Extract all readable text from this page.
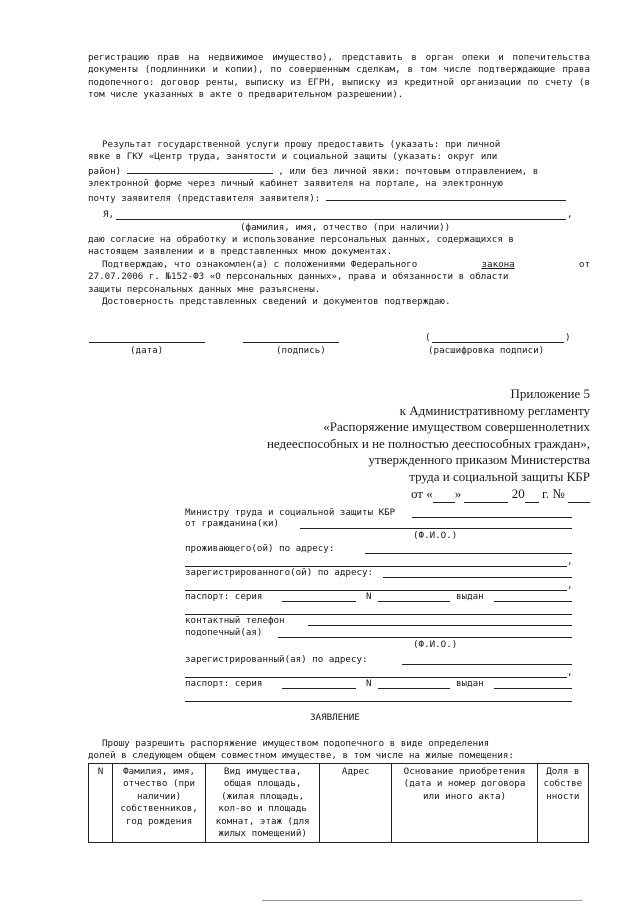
регистрацию прав на недвижимое имущество), представить в орган опеки и попечительства документы (подлинники и копии), по совершенным сделкам, в том числе подтверждающие права подопечного: договор ренты, выписку из ЕГРН, выписку из кредитной организации по счету (в том числе указанных в акте о предварительном разрешении).

Результат государственной услуги прошу предоставить (указать: при личной

явке в ГКУ «Центр труда, занятости и социальной защиты (указать: округ или

район)	, или без личной явки: почтовым отправлением, в

электронной форме через личный кабинет заявителя на портале, на электронную

почту заявителя (представителя заявителя):

Я,	,
(фамилия, имя, отчество (при наличии))

даю согласие на обработку и использование персональных данных, содержащихся в

настоящем заявлении и в представленных мною документах.

Подтверждаю, что ознакомлен(а) с положениями Федерального	закона	от

27.07.2006 г. №152-ФЗ «О персональных данных», права и обязанности в области

защиты персональных данных мне разъяснены.

Достоверность представленных сведений и документов подтверждаю.

(	)
(дата)	(подпись)	(расшифровка подписи)

Приложение 5

к Административному регламенту

«Распоряжение имуществом совершеннолетних

недееспособных и не полностью дееспособных граждан»,

утвержденного приказом Министерства

труда и социальной защиты КБР

от « »	20 г. №

Министру труда и социальной защиты КБР
от гражданина(ки)
(Ф.И.О.)
проживающего(ой) по адресу:
,
зарегистрированного(ой) по адресу:
,
паспорт: серия	N	выдан
контактный телефон
подопечный(ая)
(Ф.И.О.)
зарегистрированный(ая) по адресу:
,
паспорт: серия	N	выдан
ЗАЯВЛЕНИЕ

Прошу разрешить распоряжение имуществом подопечного в виде определения

долей в следующем общем совместном имуществе, в том числе на жилые помещения:

N	Фамилия, имя, отчество (при наличии) собственников, год рождения	Вид имущества, общая площадь, (жилая площадь, кол-во и площадь комнат, этаж (для жилых помещений)	Адрес	Основание приобретения (дата и номер договора или иного акта)	Доля в собстве нности
